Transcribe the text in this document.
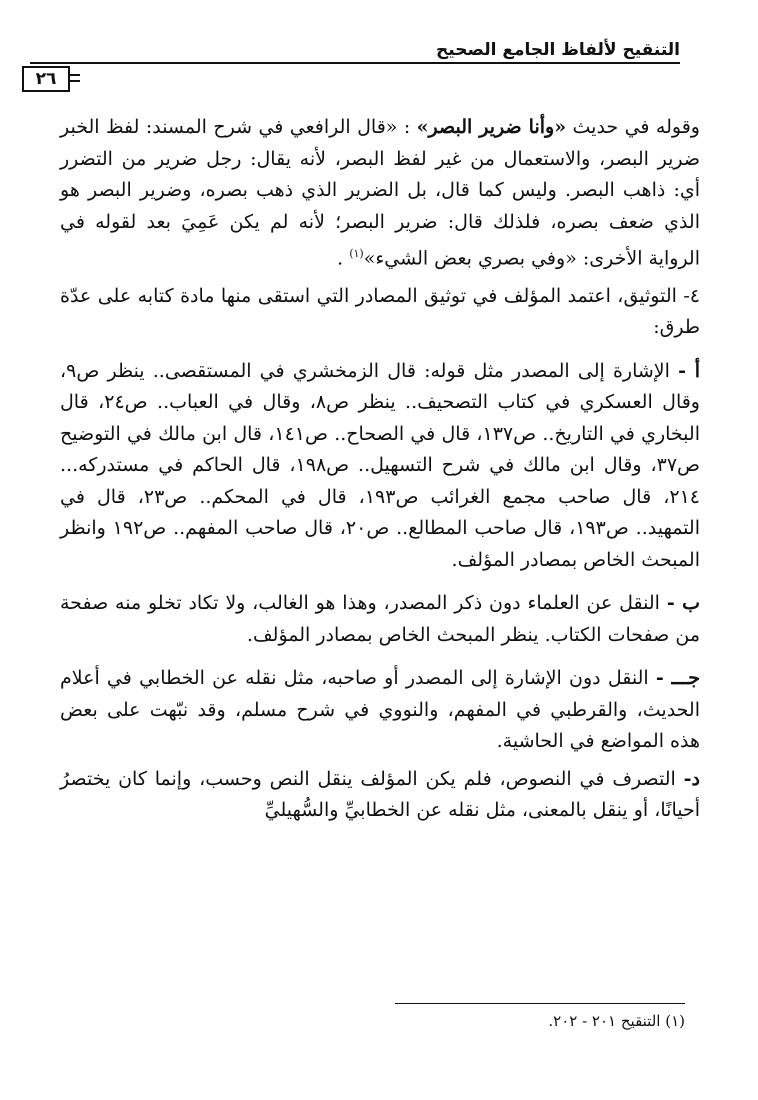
التنقيح لألفاظ الجامع الصحيح
٢٦

وقوله في حديث «وأنا ضرير البصر» : «قال الرافعي في شرح المسند: لفظ الخبر ضرير البصر، والاستعمال من غير لفظ البصر، لأنه يقال: رجل ضرير من التضرر أي: ذاهب البصر. وليس كما قال، بل الضرير الذي ذهب بصره، وضرير البصر هو الذي ضعف بصره، فلذلك قال: ضرير البصر؛ لأنه لم يكن عَمِيَ بعد لقوله في الرواية الأخرى: «وفي بصري بعض الشيء»$^{(١)}$ .

٤- التوثيق، اعتمد المؤلف في توثيق المصادر التي استقى منها مادة كتابه على عدّة طرق:

أ - الإشارة إلى المصدر مثل قوله: قال الزمخشري في المستقصى.. ينظر ص٩، وقال العسكري في كتاب التصحيف.. ينظر ص٨، وقال في العباب.. ص٢٤، قال البخاري في التاريخ.. ص١٣٧، قال في الصحاح.. ص١٤١، قال ابن مالك في التوضيح ص٣٧، وقال ابن مالك في شرح التسهيل.. ص١٩٨، قال الحاكم في مستدركه... ٢١٤، قال صاحب مجمع الغرائب ص١٩٣، قال في المحكم.. ص٢٣، قال في التمهيد.. ص١٩٣، قال صاحب المطالع.. ص٢٠، قال صاحب المفهم.. ص١٩٢ وانظر المبحث الخاص بمصادر المؤلف.

ب - النقل عن العلماء دون ذكر المصدر، وهذا هو الغالب، ولا تكاد تخلو منه صفحة من صفحات الكتاب. ينظر المبحث الخاص بمصادر المؤلف.

جـــ - النقل دون الإشارة إلى المصدر أو صاحبه، مثل نقله عن الخطابي في أعلام الحديث، والقرطبي في المفهم، والنووي في شرح مسلم، وقد نبّهت على بعض هذه المواضع في الحاشية.

د- التصرف في النصوص، فلم يكن المؤلف ينقل النص وحسب، وإنما كان يختصرُ أحيانًا، أو ينقل بالمعنى، مثل نقله عن الخطابيِّ والسُّهيليِّ

(١) التنقيح ٢٠١ - ٢٠٢.
